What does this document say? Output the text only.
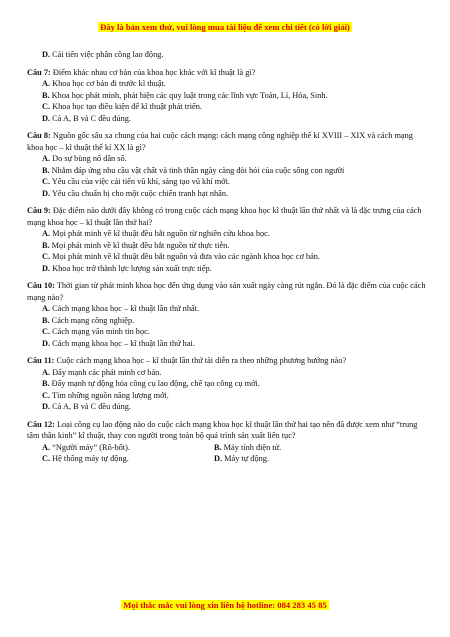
Đây là bản xem thử, vui lòng mua tài liệu để xem chi tiết (có lời giải)
D. Cải tiến việc phân công lao động.
Câu 7: Điểm khác nhau cơ bản của khoa học khác với kĩ thuật là gì?
A. Khoa học cơ bản đi trước kĩ thuật.
B. Khoa học phát minh, phát hiện các quy luật trong các lĩnh vực Toán, Lí, Hóa, Sinh.
C. Khoa học tạo điều kiện để kĩ thuật phát triển.
D. Cả A, B và C đều đúng.
Câu 8: Nguồn gốc sâu xa chung của hai cuộc cách mạng: cách mạng công nghiệp thế kỉ XVIII – XIX và cách mạng khoa học – kĩ thuật thế kỉ XX là gì?
A. Do sự bùng nổ dân số.
B. Nhằm đáp ứng nhu cầu vật chất và tinh thần ngày càng đòi hỏi của cuộc sống con người
C. Yêu cầu của việc cải tiến vũ khí, sáng tạo vũ khí mới.
D. Yêu cầu chuẩn bị cho một cuộc chiến tranh hạt nhân.
Câu 9: Đặc điểm nào dưới đây không có trong cuộc cách mạng khoa học kĩ thuật lần thứ nhất và là đặc trưng của cách mạng khoa học – kĩ thuật lần thứ hai?
A. Mọi phát minh về kĩ thuật đều bắt nguồn từ nghiên cứu khoa học.
B. Mọi phát minh về kĩ thuật đều bắt nguồn từ thực tiễn.
C. Mọi phát minh về kĩ thuật đều bắt nguồn và đưa vào các ngành khoa học cơ bản.
D. Khoa học trở thành lực lượng sản xuất trực tiếp.
Câu 10: Thời gian từ phát minh khoa học đến ứng dụng vào sản xuất ngày càng rút ngắn. Đó là đặc điểm của cuộc cách mạng nào?
A. Cách mạng khoa học – kĩ thuật lần thứ nhất.
B. Cách mạng công nghiệp.
C. Cách mạng văn minh tin học.
D. Cách mạng khoa học – kĩ thuật lần thứ hai.
Câu 11: Cuộc cách mạng khoa học – kĩ thuật lần thứ tài diễn ra theo những phương hướng nào?
A. Đẩy mạnh các phát minh cơ bản.
B. Đẩy mạnh tự động hóa công cụ lao động, chế tạo công cụ mới.
C. Tìm những nguồn năng lượng mới.
D. Cả A, B và C đều đúng.
Câu 12: Loại công cụ lao động nào do cuộc cách mạng khoa học kĩ thuật lần thứ hai tạo nên đã được xem như “trung tâm thần kinh” kĩ thuật, thay con người trong toàn bộ quá trình sản xuất liên tục?
A. “Người máy” (Rô-bốt).	B. Máy tính điện tử.
C. Hệ thống máy tự động.	D. Máy tự động.
Mọi thắc mắc vui lòng xin liên hệ hotline: 084 283 45 85
